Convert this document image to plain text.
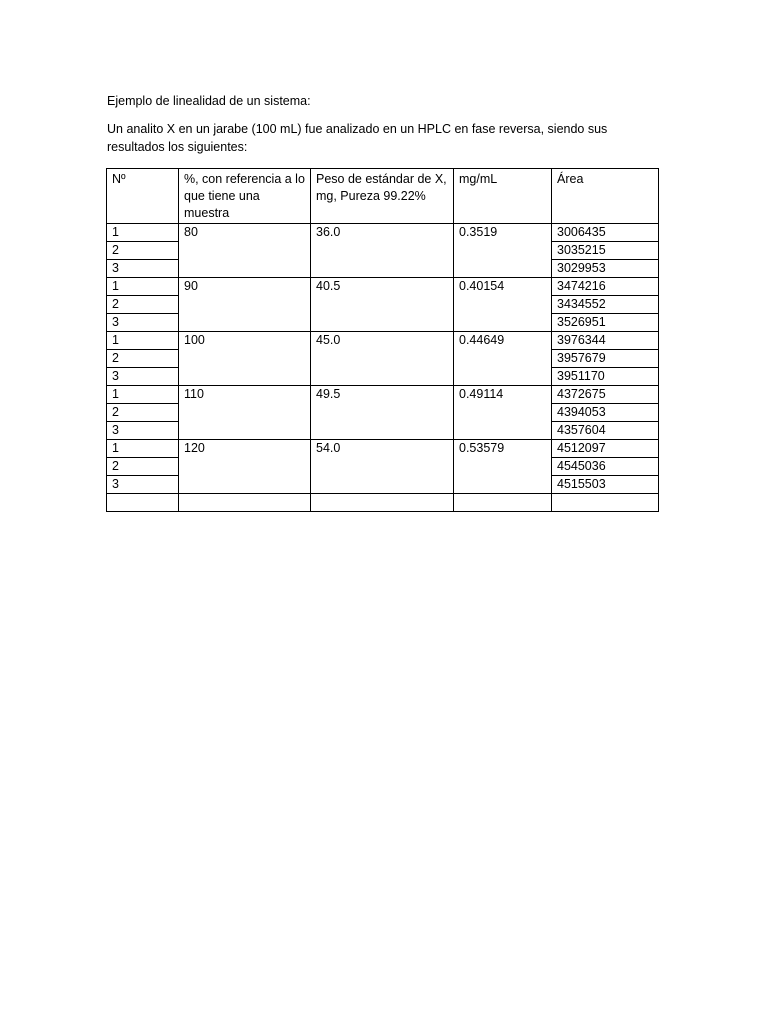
Ejemplo de linealidad de un sistema:
Un analito X en un jarabe (100 mL) fue analizado en un HPLC en fase reversa, siendo sus resultados los siguientes:
Nº	%, con referencia a lo que tiene una muestra	Peso de estándar de X, mg, Pureza 99.22%	mg/mL	Área
1	80	36.0	0.3519	3006435
2				3035215
3				3029953
1	90	40.5	0.40154	3474216
2				3434552
3				3526951
1	100	45.0	0.44649	3976344
2				3957679
3				3951170
1	110	49.5	0.49114	4372675
2				4394053
3				4357604
1	120	54.0	0.53579	4512097
2				4545036
3				4515503
